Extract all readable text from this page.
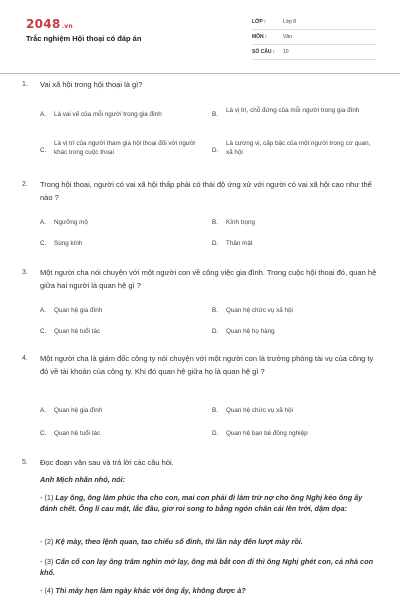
2048.vn
Trắc nghiệm Hội thoại có đáp án
LỚP :	Lớp 8
MÔN :	Văn
SỐ CÂU : 10
1. Vai xã hội trong hội thoại là gì?
A. Là vai vế của mỗi người trong gia đình	B.
Là vị trí, chỗ đứng của mỗi người trong gia đình
C.
Là vị trí của người tham gia hội thoại đối với người khác trong cuộc thoại	D.
Là cương vị, cấp bậc của một người trong cơ quan, xã hội
2. Trong hội thoại, người có vai xã hội thấp phải có thái độ ứng xử với người có vai xã hội cao như thế nào ?
A. Ngưỡng mộ	B. Kính trọng
C. Sùng kính	D. Thân mật
3. Một người cha nói chuyện với một người con về công việc gia đình. Trong cuộc hội thoại đó, quan hệ giữa hai người là quan hệ gì ?
A. Quan hệ gia đình	B. Quan hệ chức vụ xã hội
C. Quan hệ tuổi tác	D. Quan hệ họ hàng
4. Một người cha là giám đốc công ty nói chuyện với một người con là trưởng phòng tài vụ của công ty đó về tài khoản của công ty. Khi đó quan hệ giữa họ là quan hệ gì ?
A. Quan hệ gia đình	B. Quan hệ chức vụ xã hội
C. Quan hệ tuổi tác	D. Quan hệ bạn bè đồng nghiệp
5. Đọc đoạn văn sau và trả lời các câu hỏi.
Anh Mịch nhăn nhó, nói:
- (1) Lạy ông, ông làm phúc tha cho con, mai con phải đi làm trừ nợ cho ông Nghị kẻo ông ấy đánh chết. Ông lí cau mặt, lắc đầu, giơ roi song to bằng ngón chân cái lên trời, dậm dọa:
- (2) Kệ mày, theo lệnh quan, tao chiếu sổ đinh, thì lần này đến lượt mày rồi.
- (3) Cấn cố con lạy ông trăm nghìn mớ lạy, ông mà bắt con đi thì ông Nghị ghét con, cả nhà con khổ.
- (4) Thì mày hẹn làm ngày khác với ông ấy, không được à?
